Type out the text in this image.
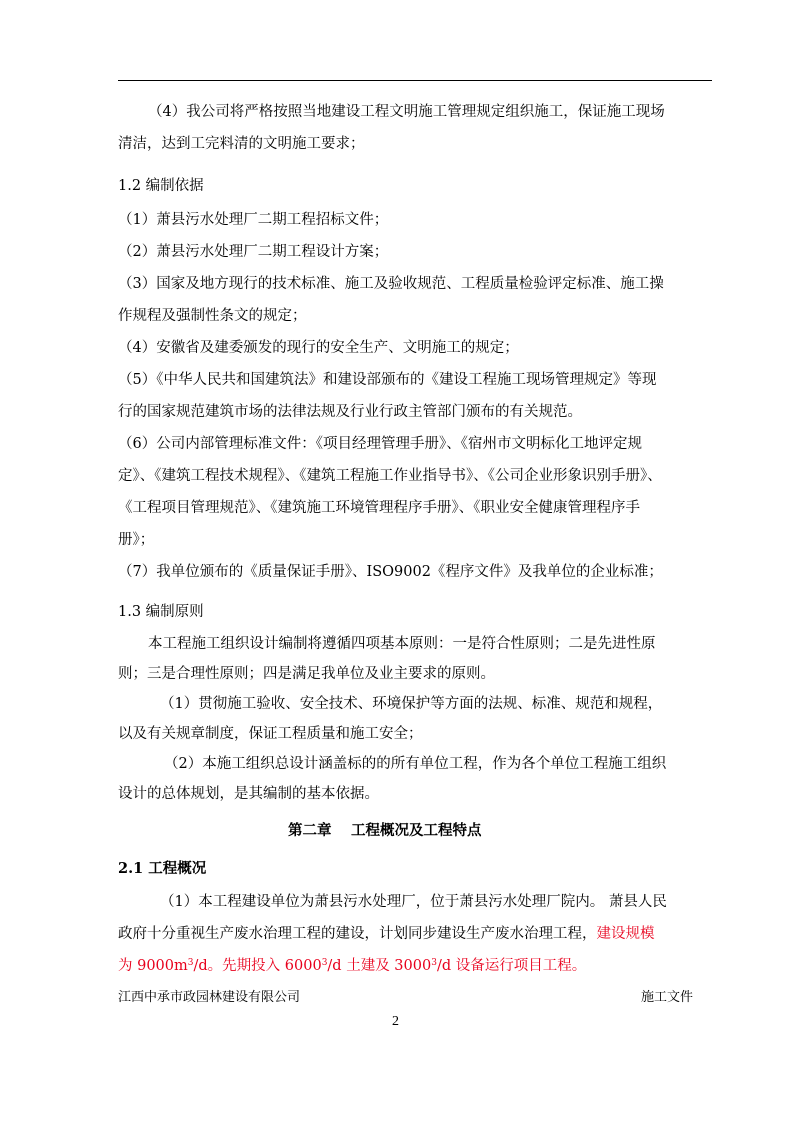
（4）我公司将严格按照当地建设工程文明施工管理规定组织施工，保证施工现场
清洁，达到工完料清的文明施工要求；
1.2 编制依据
（1）萧县污水处理厂二期工程招标文件；
（2）萧县污水处理厂二期工程设计方案；
（3）国家及地方现行的技术标准、施工及验收规范、工程质量检验评定标准、施工操
作规程及强制性条文的规定；
（4）安徽省及建委颁发的现行的安全生产、文明施工的规定；
（5）《中华人民共和国建筑法》和建设部颁布的《建设工程施工现场管理规定》等现
行的国家规范建筑市场的法律法规及行业行政主管部门颁布的有关规范。
（6）公司内部管理标准文件：《项目经理管理手册》、《宿州市文明标化工地评定规
定》、《建筑工程技术规程》、《建筑工程施工作业指导书》、《公司企业形象识别手册》、
《工程项目管理规范》、《建筑施工环境管理程序手册》、《职业安全健康管理程序手
册》；
（7）我单位颁布的《质量保证手册》、ISO9002《程序文件》及我单位的企业标准；
1.3 编制原则
本工程施工组织设计编制将遵循四项基本原则：一是符合性原则；二是先进性原
则；三是合理性原则；四是满足我单位及业主要求的原则。
（1）贯彻施工验收、安全技术、环境保护等方面的法规、标准、规范和规程，
以及有关规章制度，保证工程质量和施工安全；
（2）本施工组织总设计涵盖标的的所有单位工程，作为各个单位工程施工组织
设计的总体规划，是其编制的基本依据。
第二章　 工程概况及工程特点
2.1 工程概况
（1）本工程建设单位为萧县污水处理厂，位于萧县污水处理厂院内。 萧县人民
政府十分重视生产废水治理工程的建设，计划同步建设生产废水治理工程，建设规模
为 $9000m^3/d$。先期投入 6000$^3$/d 土建及 3000$^3$/d 设备运行项目工程。
江西中承市政园林建设有限公司	施工文件
2
